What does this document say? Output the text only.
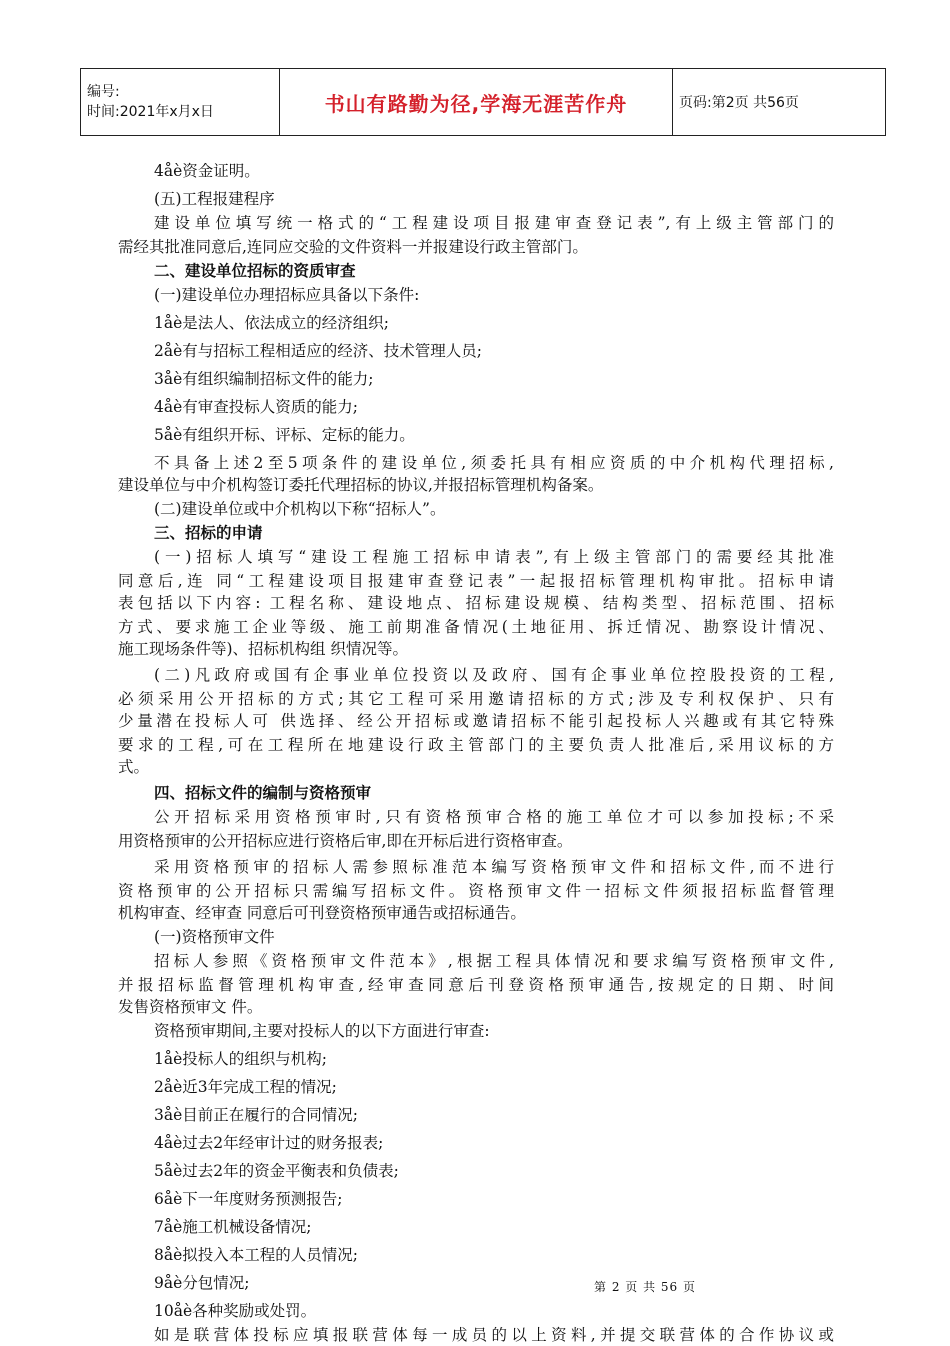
编号:
时间:2021年x月x日	书山有路勤为径,学海无涯苦作舟	页码:第2页 共56页
4åè资金证明。
(五)工程报建程序
建设单位填写统一格式的“工程建设项目报建审查登记表”,有上级主管部门的
需经其批准同意后,连同应交验的文件资料一并报建设行政主管部门。
二、建设单位招标的资质审查
(一)建设单位办理招标应具备以下条件:
1åè是法人、依法成立的经济组织;
2åè有与招标工程相适应的经济、技术管理人员;
3åè有组织编制招标文件的能力;
4åè有审查投标人资质的能力;
5åè有组织开标、评标、定标的能力。
不具备上述2至5项条件的建设单位,须委托具有相应资质的中介机构代理招标,
建设单位与中介机构签订委托代理招标的协议,并报招标管理机构备案。
(二)建设单位或中介机构以下称“招标人”。
三、招标的申请
(一)招标人填写“建设工程施工招标申请表”,有上级主管部门的需要经其批准
同意后,连 同“工程建设项目报建审查登记表”一起报招标管理机构审批。招标申请
表包括以下内容: 工程名称、建设地点、招标建设规模、结构类型、招标范围、招标
方式、要求施工企业等级、施工前期准备情况(土地征用、拆迁情况、勘察设计情况、
施工现场条件等)、招标机构组 织情况等。
(二)凡政府或国有企事业单位投资以及政府、国有企事业单位控股投资的工程,
必须采用公开招标的方式;其它工程可采用邀请招标的方式;涉及专利权保护、只有
少量潜在投标人可 供选择、经公开招标或邀请招标不能引起投标人兴趣或有其它特殊
要求的工程,可在工程所在地建设行政主管部门的主要负责人批准后,采用议标的方
式。
四、招标文件的编制与资格预审
公开招标采用资格预审时,只有资格预审合格的施工单位才可以参加投标;不采
用资格预审的公开招标应进行资格后审,即在开标后进行资格审查。
采用资格预审的招标人需参照标准范本编写资格预审文件和招标文件,而不进行
资格预审的公开招标只需编写招标文件。资格预审文件一招标文件须报招标监督管理
机构审查、经审查 同意后可刊登资格预审通告或招标通告。
(一)资格预审文件
招标人参照《资格预审文件范本》,根据工程具体情况和要求编写资格预审文件,
并报招标监督管理机构审查,经审查同意后刊登资格预审通告,按规定的日期、时间
发售资格预审文 件。
资格预审期间,主要对投标人的以下方面进行审查:
1åè投标人的组织与机构;
2åè近3年完成工程的情况;
3åè目前正在履行的合同情况;
4åè过去2年经审计过的财务报表;
5åè过去2年的资金平衡表和负债表;
6åè下一年度财务预测报告;
7åè施工机械设备情况;
8åè拟投入本工程的人员情况;
9åè分包情况;
10åè各种奖励或处罚。
如是联营体投标应填报联营体每一成员的以上资料,并提交联营体的合作协议或
第 2 页 共 56 页
